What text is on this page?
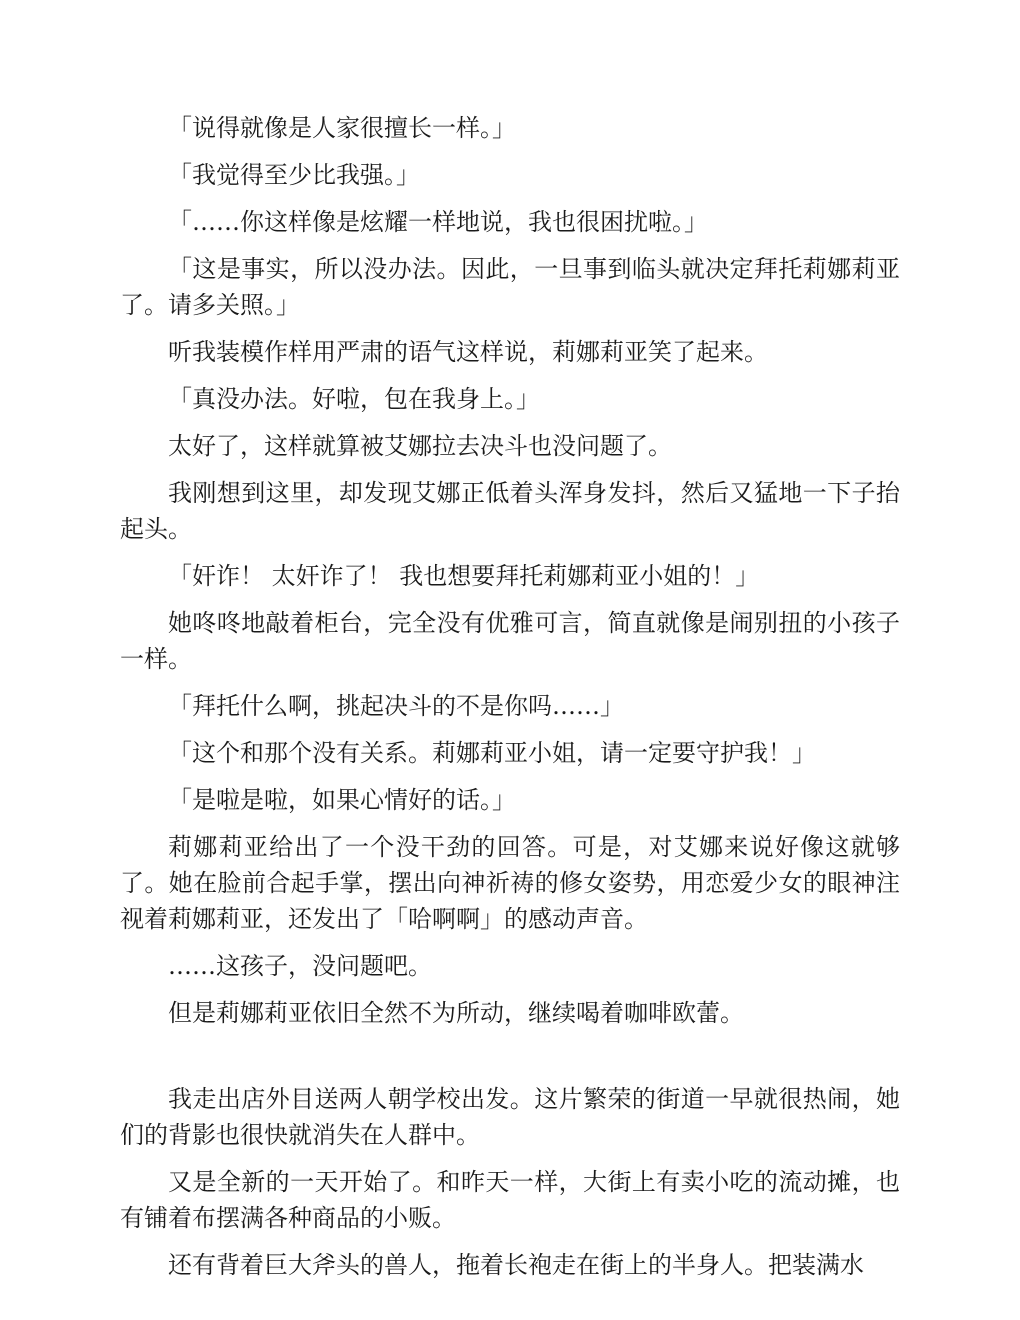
「说得就像是人家很擅长一样。」

「我觉得至少比我强。」

「……你这样像是炫耀一样地说，我也很困扰啦。」

「这是事实，所以没办法。因此，一旦事到临头就决定拜托莉娜莉亚了。请多关照。」

听我装模作样用严肃的语气这样说，莉娜莉亚笑了起来。

「真没办法。好啦，包在我身上。」

太好了，这样就算被艾娜拉去决斗也没问题了。

我刚想到这里，却发现艾娜正低着头浑身发抖，然后又猛地一下子抬起头。

「奸诈！ 太奸诈了！ 我也想要拜托莉娜莉亚小姐的！」

她咚咚地敲着柜台，完全没有优雅可言，简直就像是闹别扭的小孩子一样。

「拜托什么啊，挑起决斗的不是你吗……」

「这个和那个没有关系。莉娜莉亚小姐，请一定要守护我！」

「是啦是啦，如果心情好的话。」

莉娜莉亚给出了一个没干劲的回答。可是，对艾娜来说好像这就够了。她在脸前合起手掌，摆出向神祈祷的修女姿势，用恋爱少女的眼神注视着莉娜莉亚，还发出了「哈啊啊」的感动声音。

……这孩子，没问题吧。

但是莉娜莉亚依旧全然不为所动，继续喝着咖啡欧蕾。

我走出店外目送两人朝学校出发。这片繁荣的街道一早就很热闹，她们的背影也很快就消失在人群中。

又是全新的一天开始了。和昨天一样，大街上有卖小吃的流动摊，也有铺着布摆满各种商品的小贩。

还有背着巨大斧头的兽人，拖着长袍走在街上的半身人。把装满水
